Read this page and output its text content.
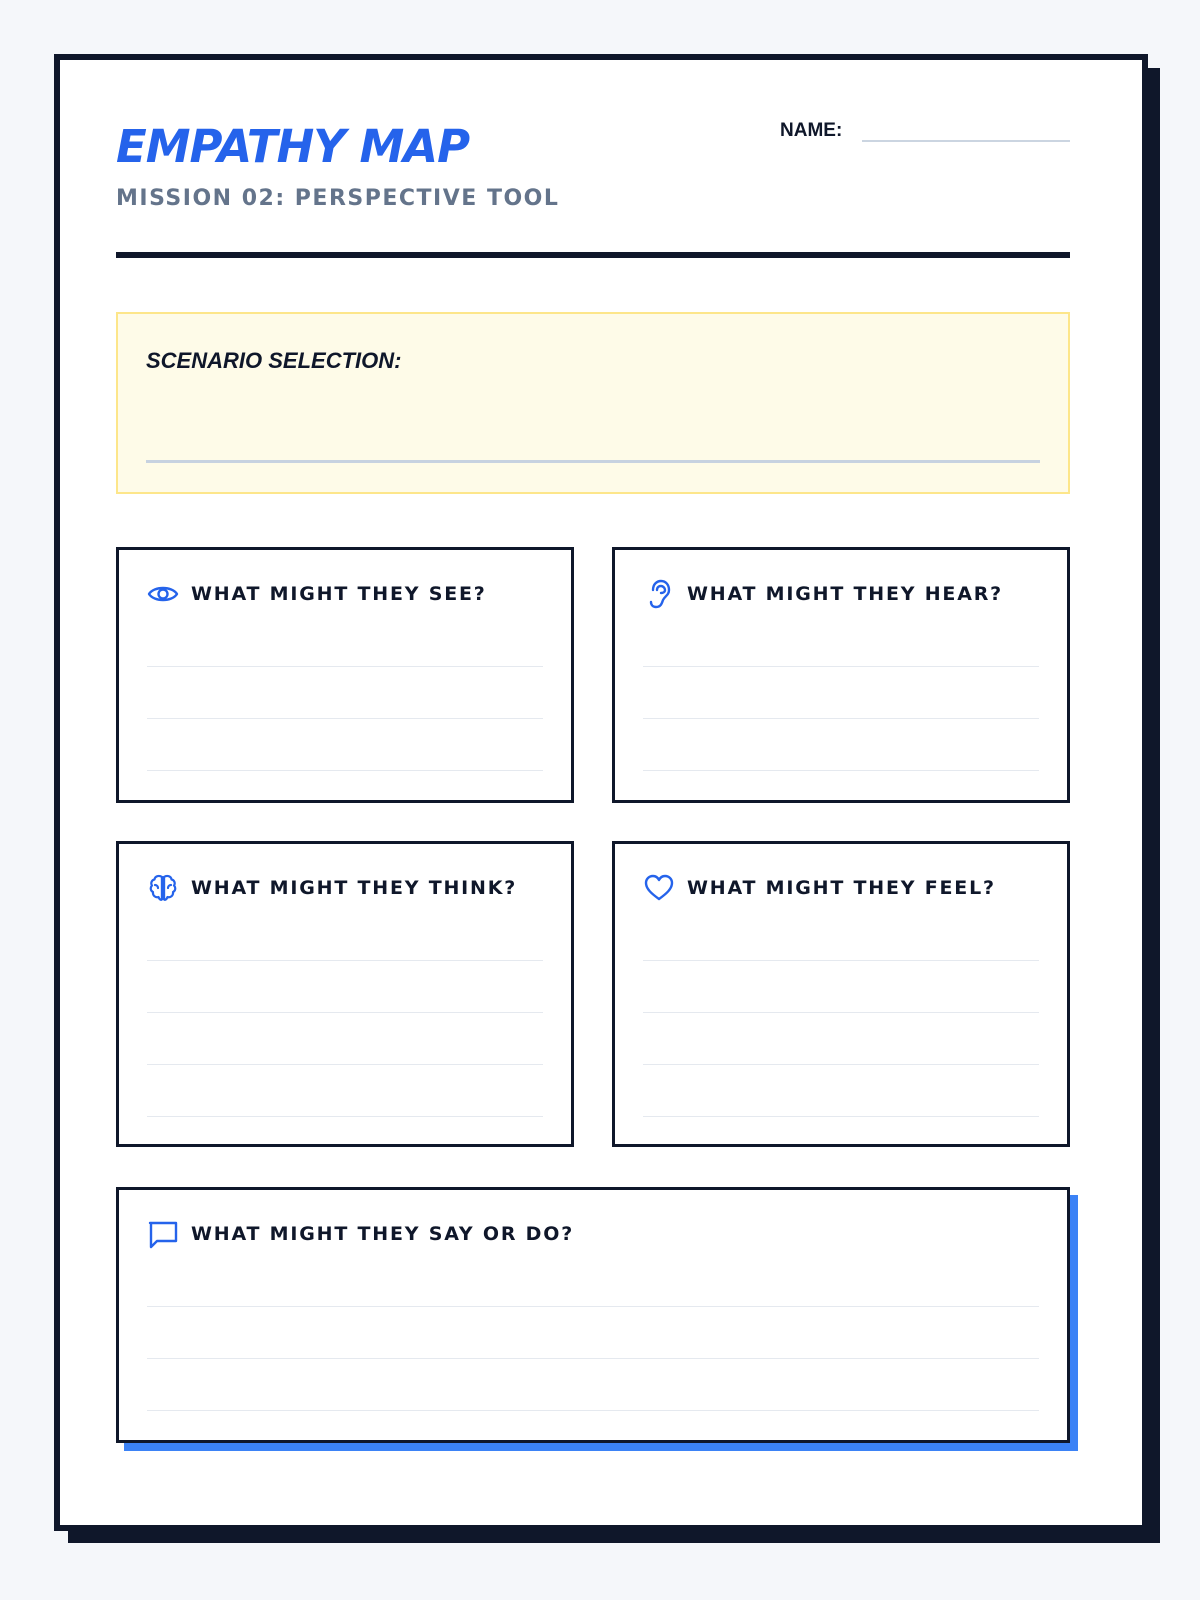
EMPATHY MAP
MISSION 02: PERSPECTIVE TOOL
NAME:
SCENARIO SELECTION:
WHAT MIGHT THEY SEE?	WHAT MIGHT THEY HEAR?
WHAT MIGHT THEY THINK?	WHAT MIGHT THEY FEEL?
WHAT MIGHT THEY SAY OR DO?
